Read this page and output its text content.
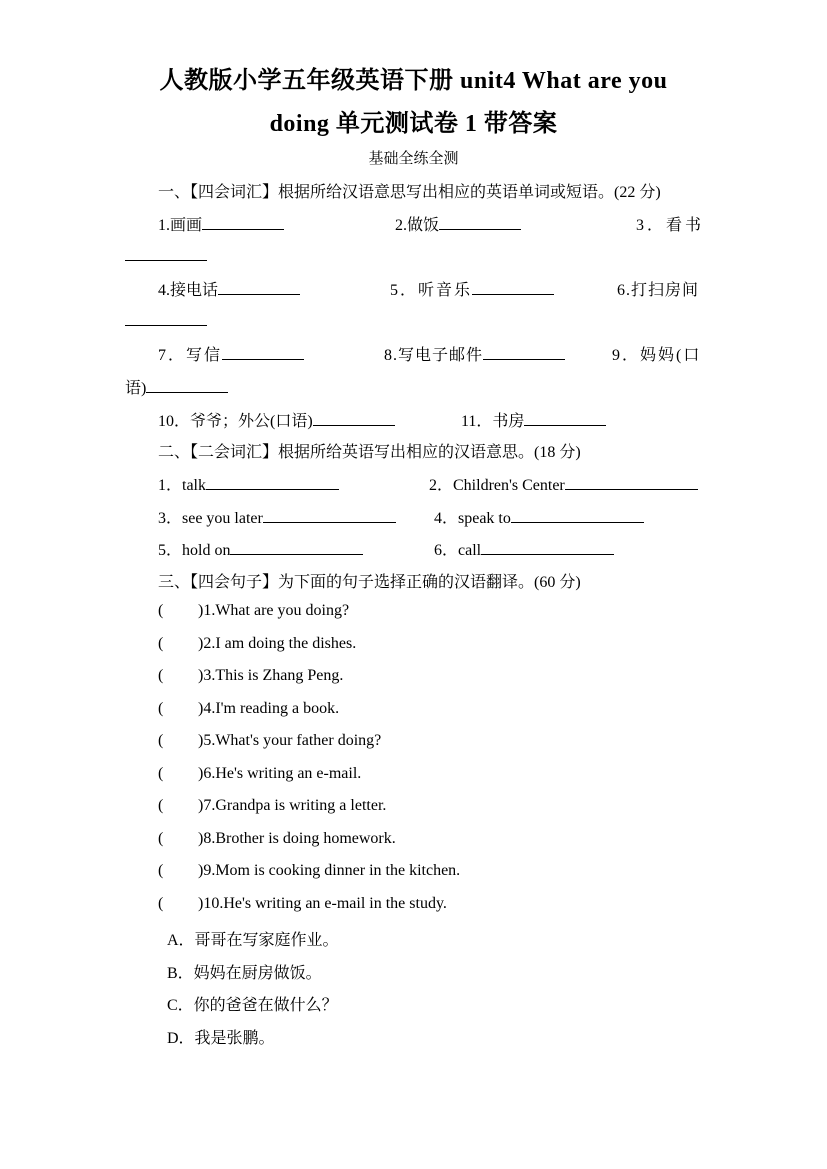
人教版小学五年级英语下册 unit4 What are you
doing 单元测试卷 1 带答案
基础全练全测
一、【四会词汇】根据所给汉语意思写出相应的英语单词或短语。(22 分)
1.画画	2.做饭	3．看书
4.接电话	5．听音乐	6.打扫房间
7．写信	8.写电子邮件	9．妈妈(口
语)
10．爷爷；外公(口语)	11．书房
二、【二会词汇】根据所给英语写出相应的汉语意思。(18 分)
1．talk	2．Children's Center
3．see you later	4．speak to
5．hold on	6．call
三、【四会句子】为下面的句子选择正确的汉语翻译。(60 分)
( )1.What are you doing?
( )2.I am doing the dishes.
( )3.This is Zhang Peng.
( )4.I'm reading a book.
( )5.What's your father doing?
( )6.He's writing an e-mail.
( )7.Grandpa is writing a letter.
( )8.Brother is doing homework.
( )9.Mom is cooking dinner in the kitchen.
( )10.He's writing an e-mail in the study.
A．哥哥在写家庭作业。
B．妈妈在厨房做饭。
C．你的爸爸在做什么？
D．我是张鹏。
